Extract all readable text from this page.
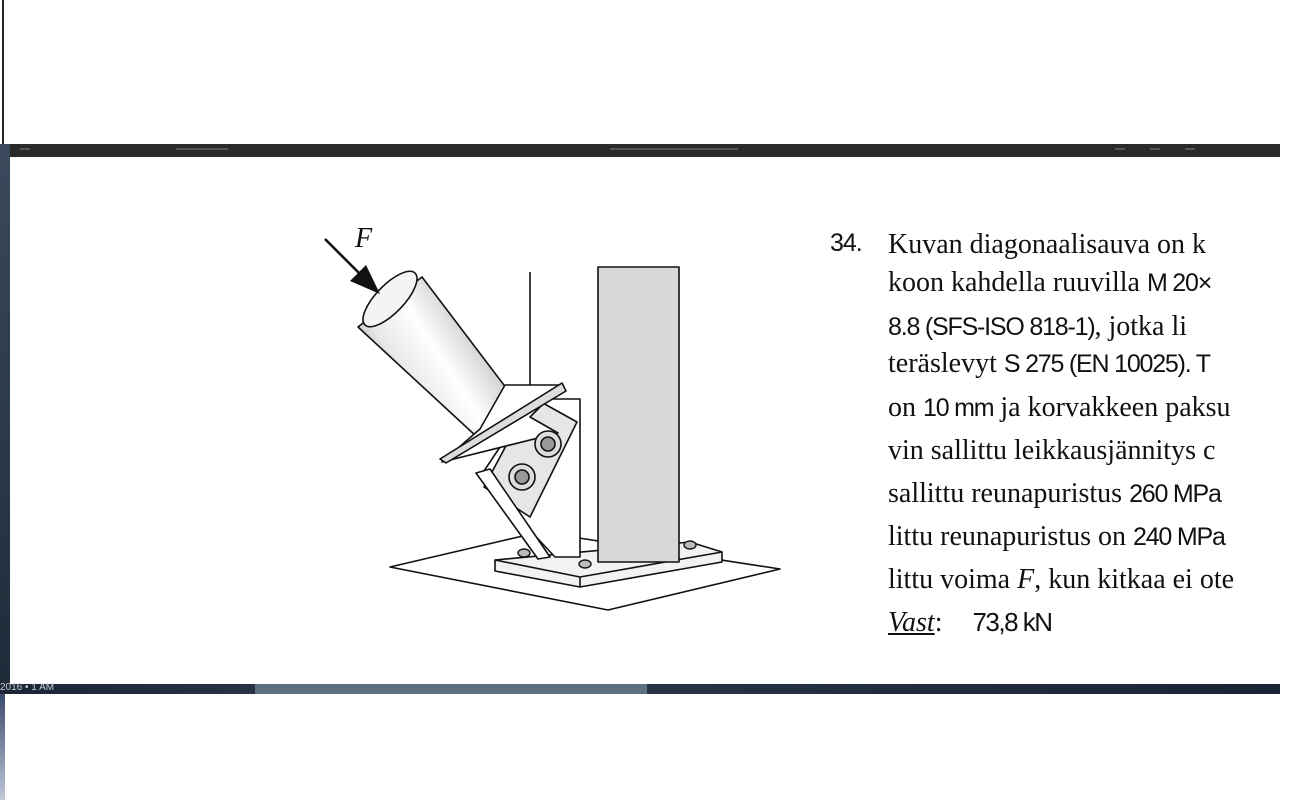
F	34. Kuvan diagonaalisauva on k
koon kahdella ruuvilla M 20×
8.8 (SFS-ISO 818-1), jotka li
teräslevyt S 275 (EN 10025). T
on 10 mm ja korvakkeen paksu
vin sallittu leikkausjännitys c
sallittu reunapuristus 260 MPa
littu reunapuristus on 240 MPa
littu voima F, kun kitkaa ei ote
Vast: 73,8 kN
2016 • 1 AM
